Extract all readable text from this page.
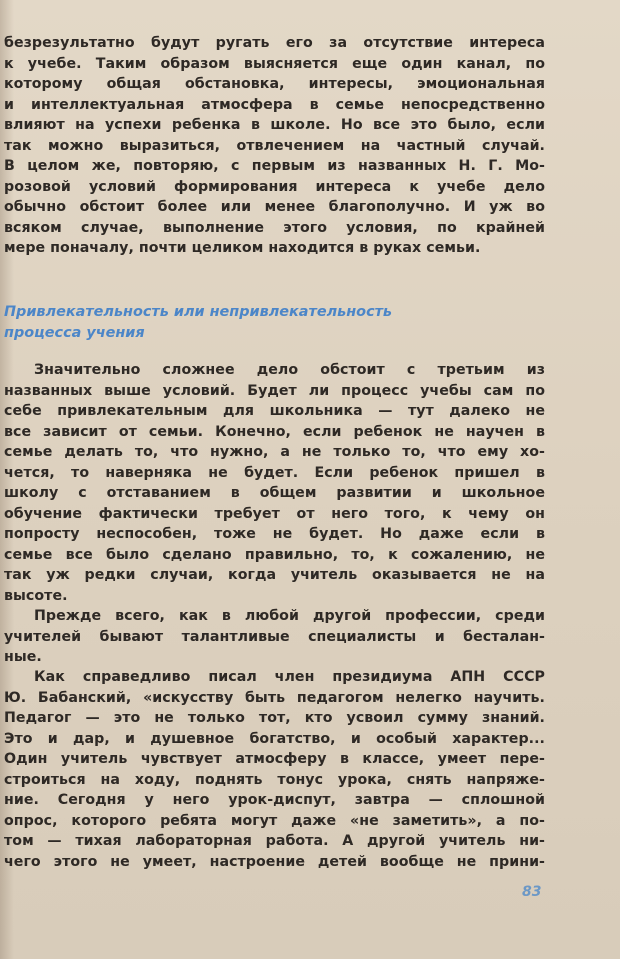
безрезультатно будут ругать его за отсутствие интереса
к учебе. Таким образом выясняется еще один канал, по
которому общая обстановка, интересы, эмоциональная
и интеллектуальная атмосфера в семье непосредственно
влияют на успехи ребенка в школе. Но все это было, если
так можно выразиться, отвлечением на частный случай.
В целом же, повторяю, с первым из названных Н. Г. Мо-
розовой условий формирования интереса к учебе дело
обычно обстоит более или менее благополучно. И уж во
всяком случае, выполнение этого условия, по крайней
мере поначалу, почти целиком находится в руках семьи.
Привлекательность или непривлекательность
процесса учения
Значительно сложнее дело обстоит с третьим из
названных выше условий. Будет ли процесс учебы сам по
себе привлекательным для школьника — тут далеко не
все зависит от семьи. Конечно, если ребенок не научен в
семье делать то, что нужно, а не только то, что ему хо-
чется, то наверняка не будет. Если ребенок пришел в
школу с отставанием в общем развитии и школьное
обучение фактически требует от него того, к чему он
попросту неспособен, тоже не будет. Но даже если в
семье все было сделано правильно, то, к сожалению, не
так уж редки случаи, когда учитель оказывается не на
высоте.
Прежде всего, как в любой другой профессии, среди
учителей бывают талантливые специалисты и бесталан-
ные.
Как справедливо писал член президиума АПН СССР
Ю. Бабанский, «искусству быть педагогом нелегко научить.
Педагог — это не только тот, кто усвоил сумму знаний.
Это и дар, и душевное богатство, и особый характер...
Один учитель чувствует атмосферу в классе, умеет пере-
строиться на ходу, поднять тонус урока, снять напряже-
ние. Сегодня у него урок-диспут, завтра — сплошной
опрос, которого ребята могут даже «не заметить», а по-
том — тихая лабораторная работа. А другой учитель ни-
чего этого не умеет, настроение детей вообще не прини-
83
